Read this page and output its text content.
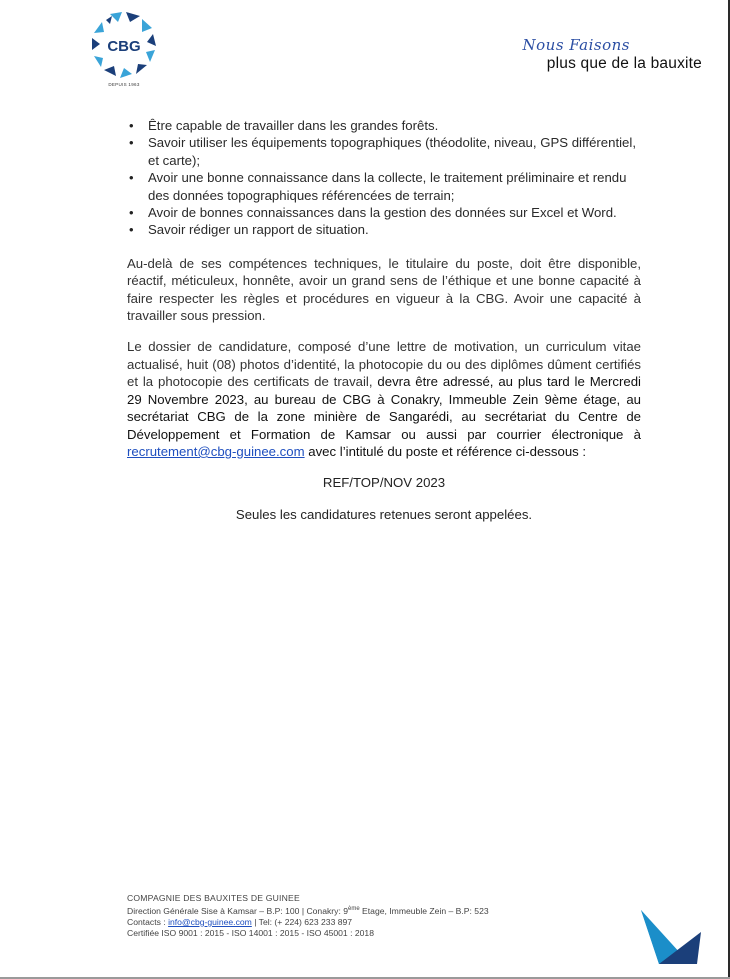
CBG
DEPUIS 1963
Nous Faisons
plus que de la bauxite
• Être capable de travailler dans les grandes forêts.
• Savoir utiliser les équipements topographiques (théodolite, niveau, GPS différentiel, et carte);
• Avoir une bonne connaissance dans la collecte, le traitement préliminaire et rendu des données topographiques référencées de terrain;
• Avoir de bonnes connaissances dans la gestion des données sur Excel et Word.
• Savoir rédiger un rapport de situation.

Au-delà de ses compétences techniques, le titulaire du poste, doit être disponible, réactif, méticuleux, honnête, avoir un grand sens de l’éthique et une bonne capacité à faire respecter les règles et procédures en vigueur à la CBG. Avoir une capacité à travailler sous pression.

Le dossier de candidature, composé d’une lettre de motivation, un curriculum vitae actualisé, huit (08) photos d’identité, la photocopie du ou des diplômes dûment certifiés et la photocopie des certificats de travail, devra être adressé, au plus tard le Mercredi 29 Novembre 2023, au bureau de CBG à Conakry, Immeuble Zein 9ème étage, au secrétariat CBG de la zone minière de Sangarédi, au secrétariat du Centre de Développement et Formation de Kamsar ou aussi par courrier électronique à recrutement@cbg-guinee.com avec l’intitulé du poste et référence ci-dessous :

REF/TOP/NOV 2023

Seules les candidatures retenues seront appelées.

COMPAGNIE DES BAUXITES DE GUINEE
Direction Générale Sise à Kamsar – B.P: 100 | Conakry: 9ème Etage, Immeuble Zein – B.P: 523
Contacts : info@cbg-guinee.com | Tel: (+ 224) 623 233 897
Certifiée ISO 9001 : 2015 - ISO 14001 : 2015 - ISO 45001 : 2018
